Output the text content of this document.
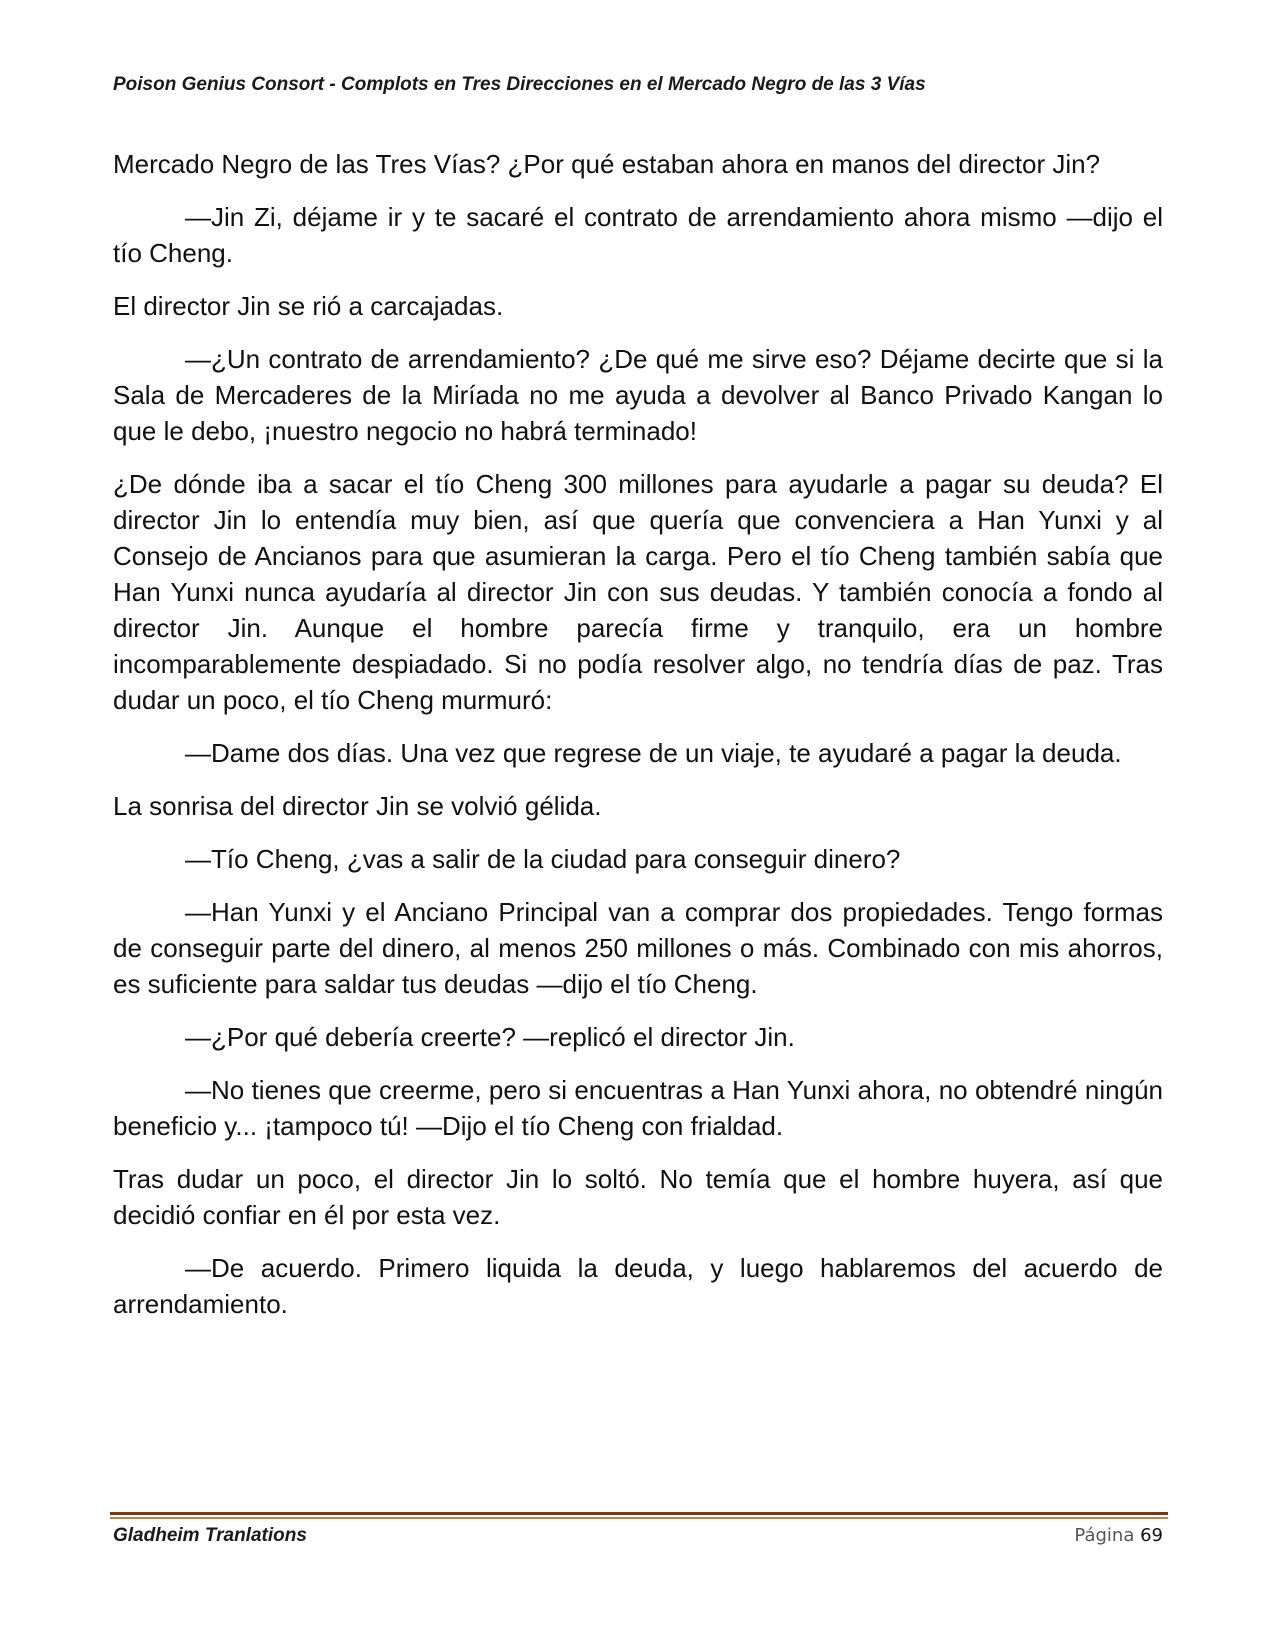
Poison Genius Consort - Complots en Tres Direcciones en el Mercado Negro de las 3 Vías

Mercado Negro de las Tres Vías? ¿Por qué estaban ahora en manos del director Jin?

—Jin Zi, déjame ir y te sacaré el contrato de arrendamiento ahora mismo —dijo el tío Cheng.

El director Jin se rió a carcajadas.

—¿Un contrato de arrendamiento? ¿De qué me sirve eso? Déjame decirte que si la Sala de Mercaderes de la Miríada no me ayuda a devolver al Banco Privado Kangan lo que le debo, ¡nuestro negocio no habrá terminado!

¿De dónde iba a sacar el tío Cheng 300 millones para ayudarle a pagar su deuda? El director Jin lo entendía muy bien, así que quería que convenciera a Han Yunxi y al Consejo de Ancianos para que asumieran la carga. Pero el tío Cheng también sabía que Han Yunxi nunca ayudaría al director Jin con sus deudas. Y también conocía a fondo al director Jin. Aunque el hombre parecía firme y tranquilo, era un hombre incomparablemente despiadado. Si no podía resolver algo, no tendría días de paz. Tras dudar un poco, el tío Cheng murmuró:

—Dame dos días. Una vez que regrese de un viaje, te ayudaré a pagar la deuda.

La sonrisa del director Jin se volvió gélida.

—Tío Cheng, ¿vas a salir de la ciudad para conseguir dinero?

—Han Yunxi y el Anciano Principal van a comprar dos propiedades. Tengo formas de conseguir parte del dinero, al menos 250 millones o más. Combinado con mis ahorros, es suficiente para saldar tus deudas —dijo el tío Cheng.

—¿Por qué debería creerte? —replicó el director Jin.

—No tienes que creerme, pero si encuentras a Han Yunxi ahora, no obtendré ningún beneficio y... ¡tampoco tú! —Dijo el tío Cheng con frialdad.

Tras dudar un poco, el director Jin lo soltó. No temía que el hombre huyera, así que decidió confiar en él por esta vez.

—De acuerdo. Primero liquida la deuda, y luego hablaremos del acuerdo de arrendamiento.

Gladheim Tranlations	Página 69
